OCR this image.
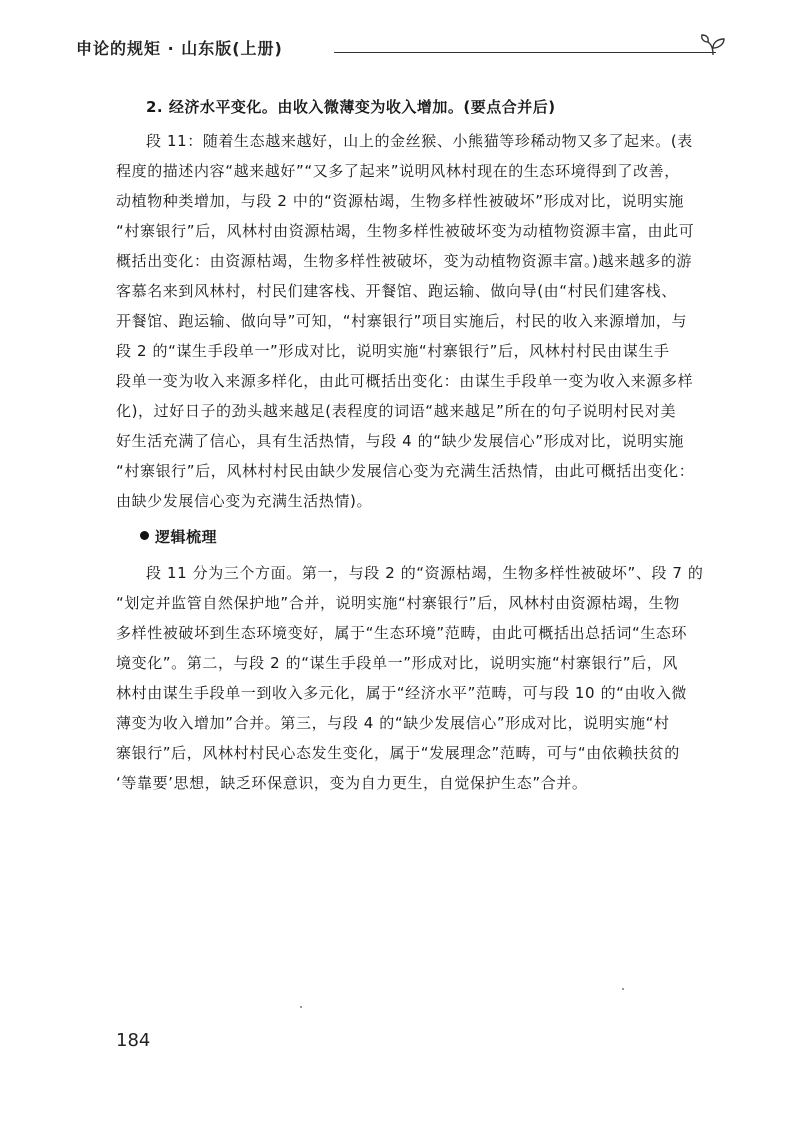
申论的规矩 · 山东版(上册)
2. 经济水平变化。由收入微薄变为收入增加。(要点合并后)
段 11：随着生态越来越好，山上的金丝猴、小熊猫等珍稀动物又多了起来。(表
程度的描述内容“越来越好”“又多了起来”说明风林村现在的生态环境得到了改善，
动植物种类增加，与段 2 中的“资源枯竭，生物多样性被破坏”形成对比，说明实施
“村寨银行”后，风林村由资源枯竭，生物多样性被破坏变为动植物资源丰富，由此可
概括出变化：由资源枯竭，生物多样性被破坏，变为动植物资源丰富。)越来越多的游
客慕名来到风林村，村民们建客栈、开餐馆、跑运输、做向导(由“村民们建客栈、
开餐馆、跑运输、做向导”可知，“村寨银行”项目实施后，村民的收入来源增加，与
段 2 的“谋生手段单一”形成对比，说明实施“村寨银行”后，风林村村民由谋生手
段单一变为收入来源多样化，由此可概括出变化：由谋生手段单一变为收入来源多样
化)，过好日子的劲头越来越足(表程度的词语“越来越足”所在的句子说明村民对美
好生活充满了信心，具有生活热情，与段 4 的“缺少发展信心”形成对比，说明实施
“村寨银行”后，风林村村民由缺少发展信心变为充满生活热情，由此可概括出变化：
由缺少发展信心变为充满生活热情)。
逻辑梳理
段 11 分为三个方面。第一，与段 2 的“资源枯竭，生物多样性被破坏”、段 7 的
“划定并监管自然保护地”合并，说明实施“村寨银行”后，风林村由资源枯竭，生物
多样性被破坏到生态环境变好，属于“生态环境”范畴，由此可概括出总括词“生态环
境变化”。第二，与段 2 的“谋生手段单一”形成对比，说明实施“村寨银行”后，风
林村由谋生手段单一到收入多元化，属于“经济水平”范畴，可与段 10 的“由收入微
薄变为收入增加”合并。第三，与段 4 的“缺少发展信心”形成对比，说明实施“村
寨银行”后，风林村村民心态发生变化，属于“发展理念”范畴，可与“由依赖扶贫的
‘等靠要’思想，缺乏环保意识，变为自力更生，自觉保护生态”合并。
184
